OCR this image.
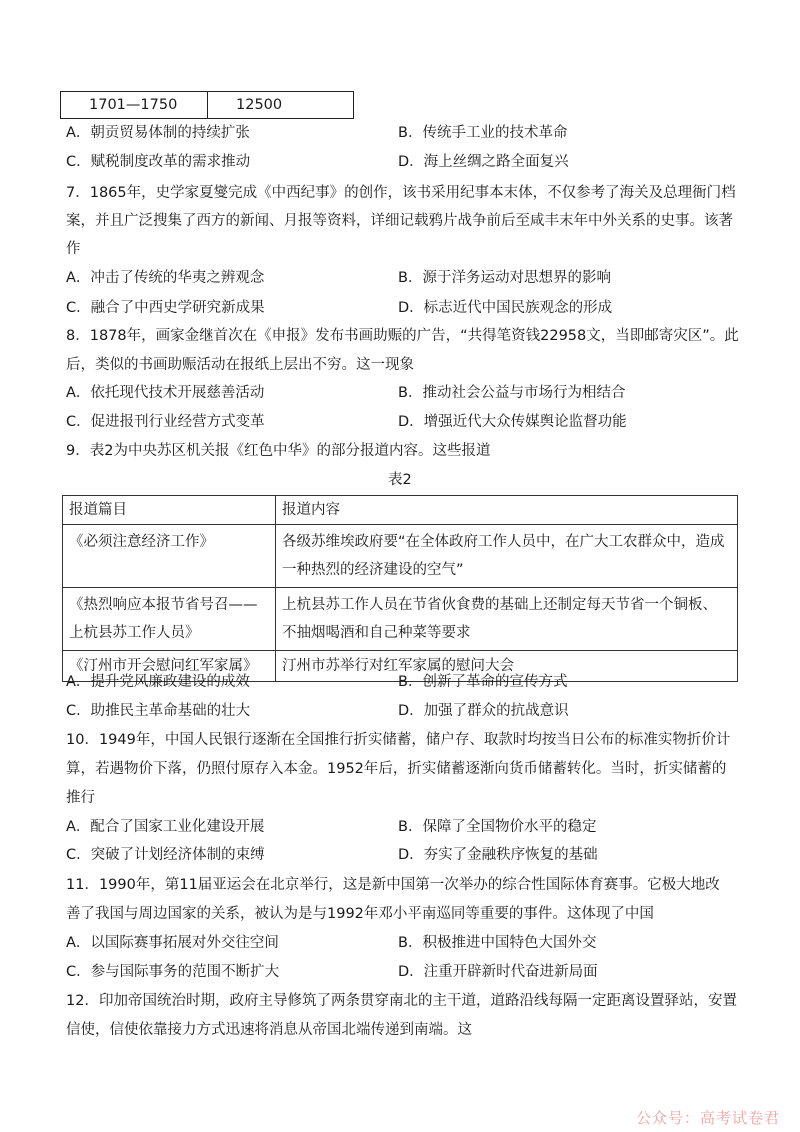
1701—1750	12500
A．朝贡贸易体制的持续扩张	B．传统手工业的技术革命
C．赋税制度改革的需求推动	D．海上丝绸之路全面复兴
7．1865年，史学家夏燮完成《中西纪事》的创作，该书采用纪事本末体，不仅参考了海关及总理衙门档
案，并且广泛搜集了西方的新闻、月报等资料，详细记载鸦片战争前后至咸丰末年中外关系的史事。该著
作
A．冲击了传统的华夷之辨观念	B．源于洋务运动对思想界的影响
C．融合了中西史学研究新成果	D．标志近代中国民族观念的形成
8．1878年，画家金继首次在《申报》发布书画助赈的广告，“共得笔资钱22958文，当即邮寄灾区”。此
后，类似的书画助赈活动在报纸上层出不穷。这一现象
A．依托现代技术开展慈善活动	B．推动社会公益与市场行为相结合
C．促进报刊行业经营方式变革	D．增强近代大众传媒舆论监督功能
9．表2为中央苏区机关报《红色中华》的部分报道内容。这些报道
表2
报道篇目	报道内容
《必须注意经济工作》	各级苏维埃政府要“在全体政府工作人员中，在广大工农群众中，造成一种热烈的经济建设的空气”
《热烈响应本报节省号召——上杭县苏工作人员》	上杭县苏工作人员在节省伙食费的基础上还制定每天节省一个铜板、不抽烟喝酒和自己种菜等要求
《汀州市开会慰问红军家属》	汀州市苏举行对红军家属的慰问大会
A．提升党风廉政建设的成效	B．创新了革命的宣传方式
C．助推民主革命基础的壮大	D．加强了群众的抗战意识
10．1949年，中国人民银行逐渐在全国推行折实储蓄，储户存、取款时均按当日公布的标准实物折价计
算，若遇物价下落，仍照付原存入本金。1952年后，折实储蓄逐渐向货币储蓄转化。当时，折实储蓄的
推行
A．配合了国家工业化建设开展	B．保障了全国物价水平的稳定
C．突破了计划经济体制的束缚	D．夯实了金融秩序恢复的基础
11．1990年，第11届亚运会在北京举行，这是新中国第一次举办的综合性国际体育赛事。它极大地改
善了我国与周边国家的关系，被认为是与1992年邓小平南巡同等重要的事件。这体现了中国
A．以国际赛事拓展对外交往空间	B．积极推进中国特色大国外交
C．参与国际事务的范围不断扩大	D．注重开辟新时代奋进新局面
12．印加帝国统治时期，政府主导修筑了两条贯穿南北的主干道，道路沿线每隔一定距离设置驿站，安置
信使，信使依靠接力方式迅速将消息从帝国北端传递到南端。这
公众号：高考试卷君
